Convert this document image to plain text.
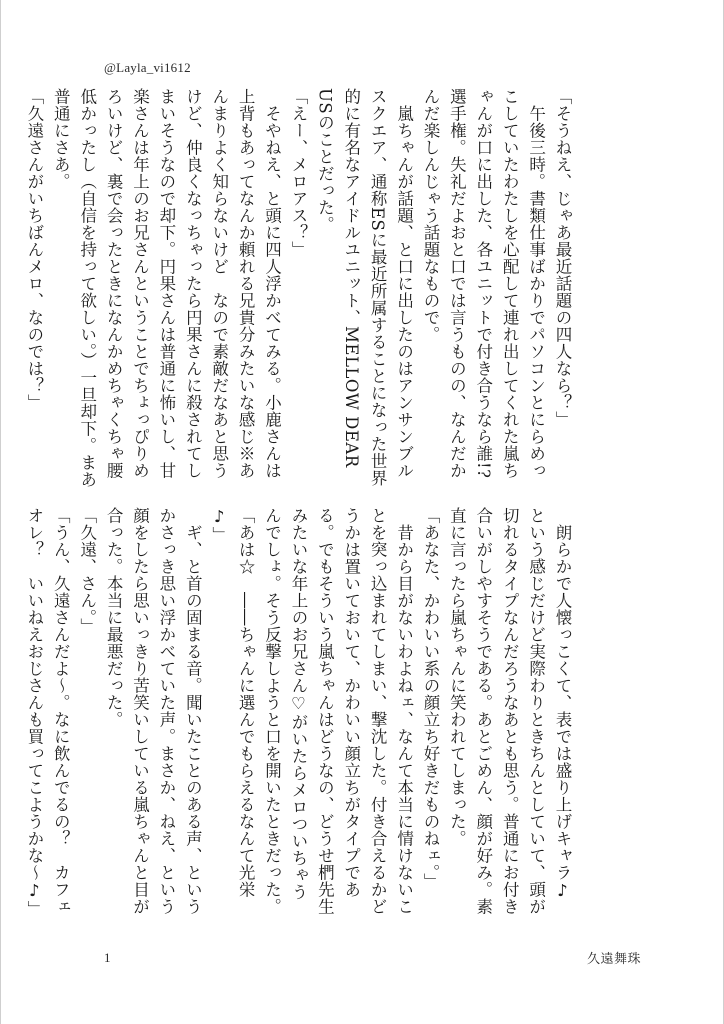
@Layla_vi1612

「そうねえ、じゃあ最近話題の四人なら？」

　午後三時。書類仕事ばかりでパソコンとにらめっこしていたわたしを心配して連れ出してくれた嵐ちゃんが口に出した、各ユニットで付き合うなら誰!?選手権。失礼だよおと口では言うものの、なんだかんだ楽しんじゃう話題なもので。

　嵐ちゃんが話題、と口に出したのはアンサンブルスクエア、通称ESに最近所属することになった世界的に有名なアイドルユニット、MELLOW DEAR USのことだった。

「えー、メロアス？」

　そやねえ、と頭に四人浮かべてみる。小鹿さんは上背もあってなんか頼れる兄貴分みたいな感じ※あんまりよく知らないけど　なので素敵だなあと思うけど、仲良くなっちゃったら円果さんに殺されてしまいそうなので却下。円果さんは普通に怖いし、甘楽さんは年上のお兄さんということでちょっぴりめろいけど、裏で会ったときになんかめちゃくちゃ腰低かったし（自信を持って欲しい。）一旦却下。まあ普通にさあ。

「久遠さんがいちばんメロ、なのでは？」

　朗らかで人懐っこくて、表では盛り上げキャラ♪という感じだけど実際わりときちんとしていて、頭が切れるタイプなんだろうなあとも思う。普通にお付き合いがしやすそうである。あとごめん、顔が好み。素直に言ったら嵐ちゃんに笑われてしまった。

「あなた、かわいい系の顔立ち好きだものねェ。」

　昔から目がないわよねェ、なんて本当に情けないことを突っ込まれてしまい、撃沈した。付き合えるかどうかは置いておいて、かわいい顔立ちがタイプである。でもそういう嵐ちゃんはどうなの、どうせ椚先生みたいな年上のお兄さん♡がいたらメロついちゃうんでしょ。そう反撃しようと口を開いたときだった。

「あは☆　――ちゃんに選んでもらえるなんて光栄♪」

　ギ、と首の固まる音。聞いたことのある声、というかさっき思い浮かべていた声。まさか、ねえ、という顔をしたら思いっきり苦笑いしている嵐ちゃんと目が合った。本当に最悪だった。

「久遠、さん。」

「うん、久遠さんだよ～。なに飲んでるの？　カフェオレ？　いいねえおじさんも買ってこようかな～♪」

1	久遠舞珠
